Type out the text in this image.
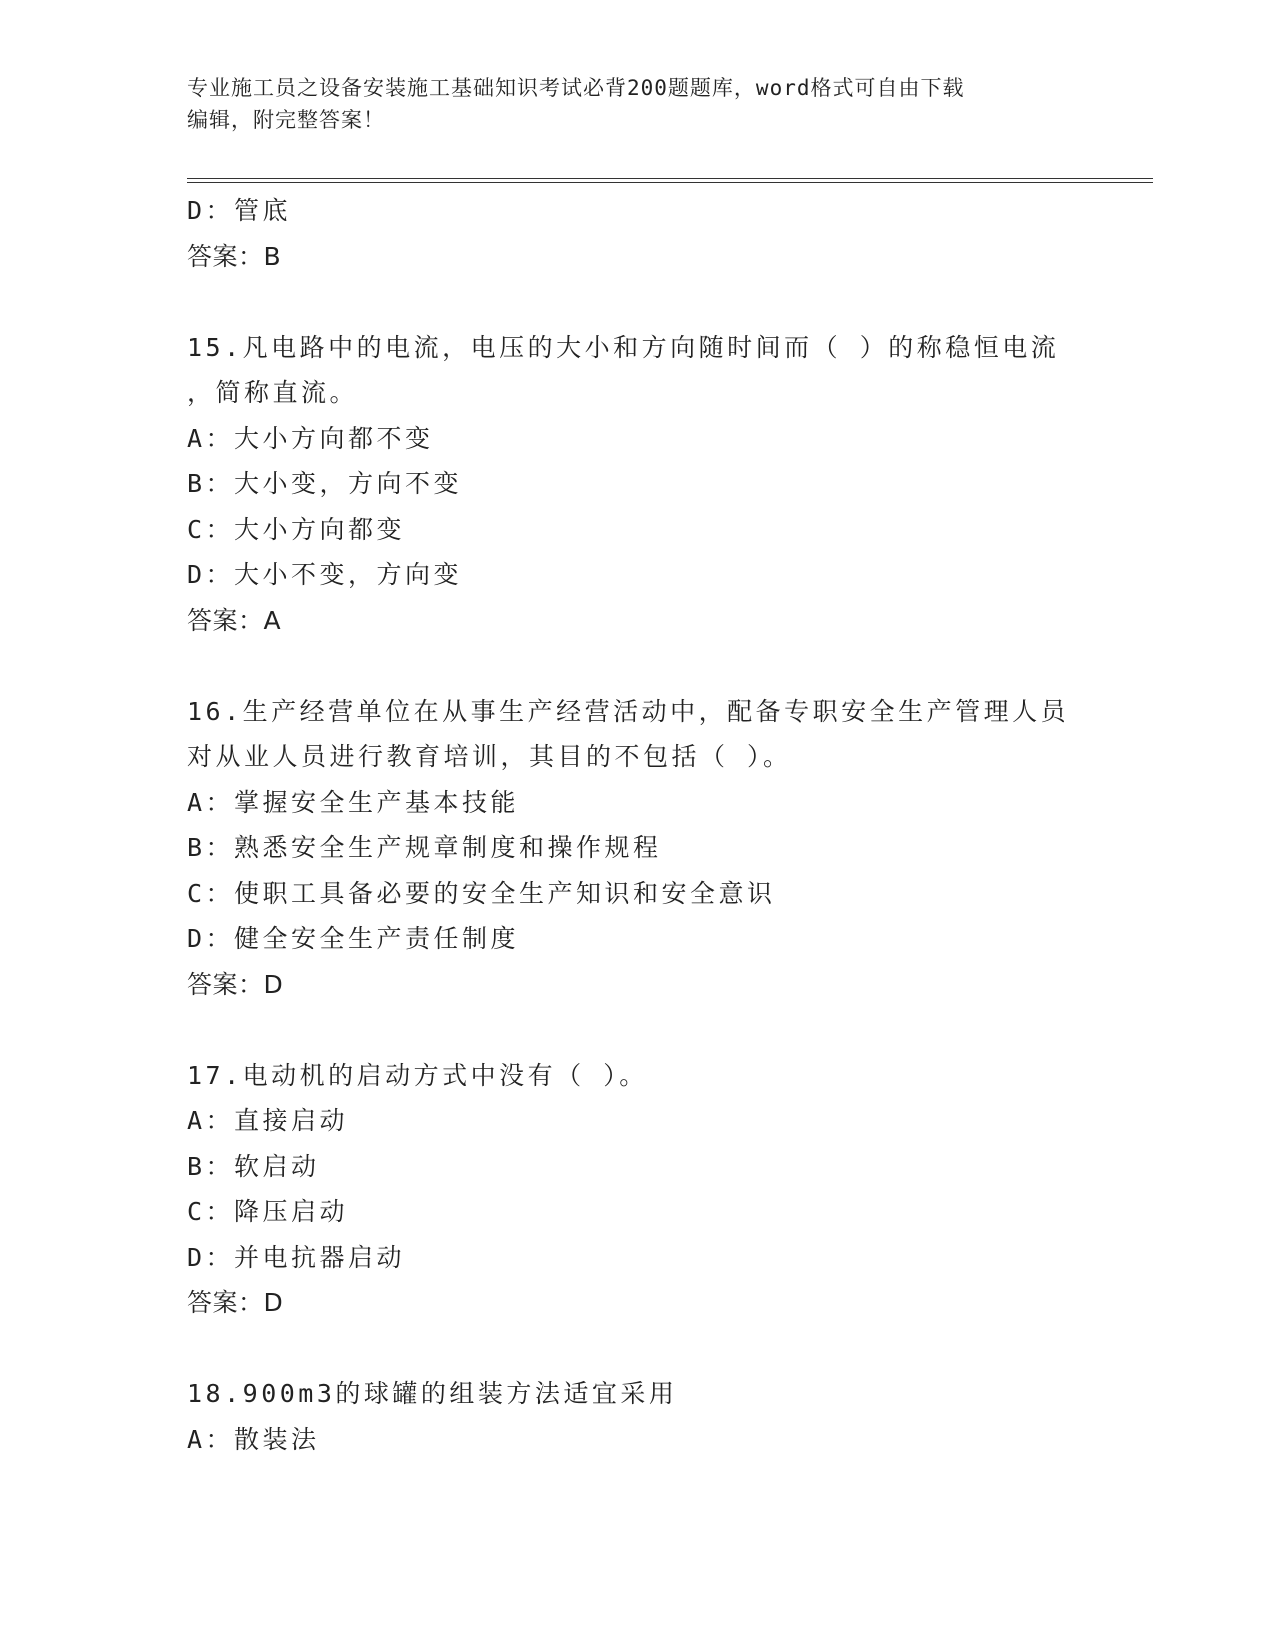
专业施工员之设备安装施工基础知识考试必背200题题库，word格式可自由下载
编辑，附完整答案！
D：管底
答案：B
15.凡电路中的电流，电压的大小和方向随时间而（ ）的称稳恒电流
，简称直流。
A：大小方向都不变
B：大小变，方向不变
C：大小方向都变
D：大小不变，方向变
答案：A
16.生产经营单位在从事生产经营活动中，配备专职安全生产管理人员
对从业人员进行教育培训，其目的不包括（ ）。
A：掌握安全生产基本技能
B：熟悉安全生产规章制度和操作规程
C：使职工具备必要的安全生产知识和安全意识
D：健全安全生产责任制度
答案：D
17.电动机的启动方式中没有（ ）。
A：直接启动
B：软启动
C：降压启动
D：并电抗器启动
答案：D
18.900m3的球罐的组装方法适宜采用
A：散装法
